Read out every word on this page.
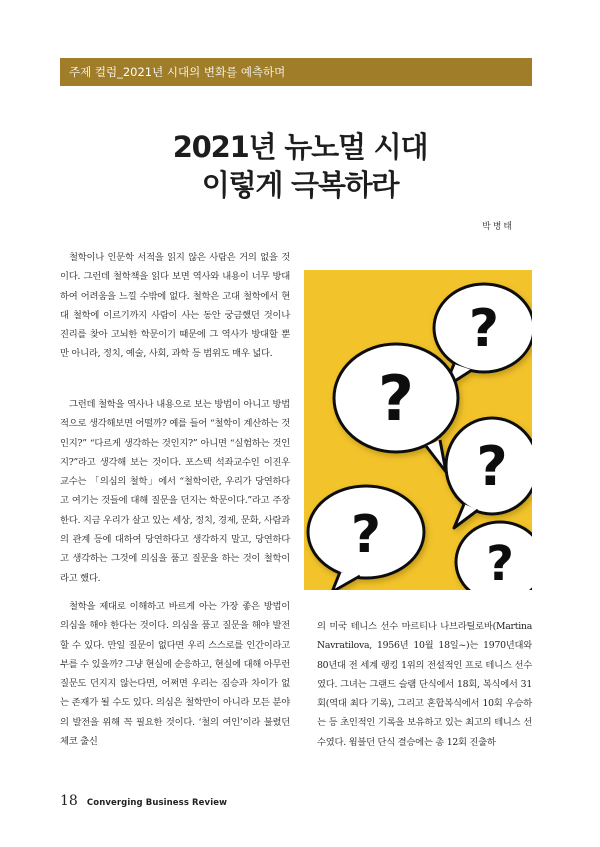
주제 컬럼_2021년 시대의 변화를 예측하며
2021년 뉴노멀 시대
이렇게 극복하라
박병태

철학이나 인문학 서적을 읽지 않은 사람은 거의 없을 것이다. 그런데 철학책을 읽다 보면 역사와 내용이 너무 방대하여 어려움을 느낄 수밖에 없다. 철학은 고대 철학에서 현대 철학에 이르기까지 사람이 사는 동안 궁금했던 것이나 진리를 찾아 고뇌한 학문이기 때문에 그 역사가 방대할 뿐만 아니라, 정치, 예술, 사회, 과학 등 범위도 매우 넓다.	?
?
?
? ?

그런데 철학을 역사나 내용으로 보는 방법이 아니고 방법적으로 생각해보면 어떨까? 예를 들어 “철학이 계산하는 것인지?” “다르게 생각하는 것인지?” 아니면 “실험하는 것인지?”라고 생각해 보는 것이다. 포스텍 석좌교수인 이진우 교수는 「의심의 철학」에서 “철학이란, 우리가 당연하다고 여기는 것들에 대해 질문을 던지는 학문이다.”라고 주장한다. 지금 우리가 살고 있는 세상, 정치, 경제, 문화, 사람과의 관계 등에 대하여 당연하다고 생각하지 말고, 당연하다고 생각하는 그것에 의심을 품고 질문을 하는 것이 철학이라고 했다.

철학을 제대로 이해하고 바르게 아는 가장 좋은 방법이 의심을 해야 한다는 것이다. 의심을 품고 질문을 해야 발전할 수 있다. 만일 질문이 없다면 우리 스스로를 인간이라고 부를 수 있을까? 그냥 현실에 순응하고, 현실에 대해 아무런 질문도 던지지 않는다면, 어쩌면 우리는 짐승과 차이가 없는 존재가 될 수도 있다. 의심은 철학만이 아니라 모든 분야의 발전을 위해 꼭 필요한 것이다. ‘철의 여인’이라 불렸던 체코 출신

의 미국 테니스 선수 마르티나 나브라틸로바(Martina Navratilova, 1956년 10월 18일~)는 1970년대와 80년대 전 세계 랭킹 1위의 전설적인 프로 테니스 선수였다. 그녀는 그랜드 슬램 단식에서 18회, 복식에서 31회(역대 최다 기록), 그리고 혼합복식에서 10회 우승하는 등 초인적인 기록을 보유하고 있는 최고의 테니스 선수였다. 윔블던 단식 결승에는 총 12회 진출하

18 Converging Business Review
